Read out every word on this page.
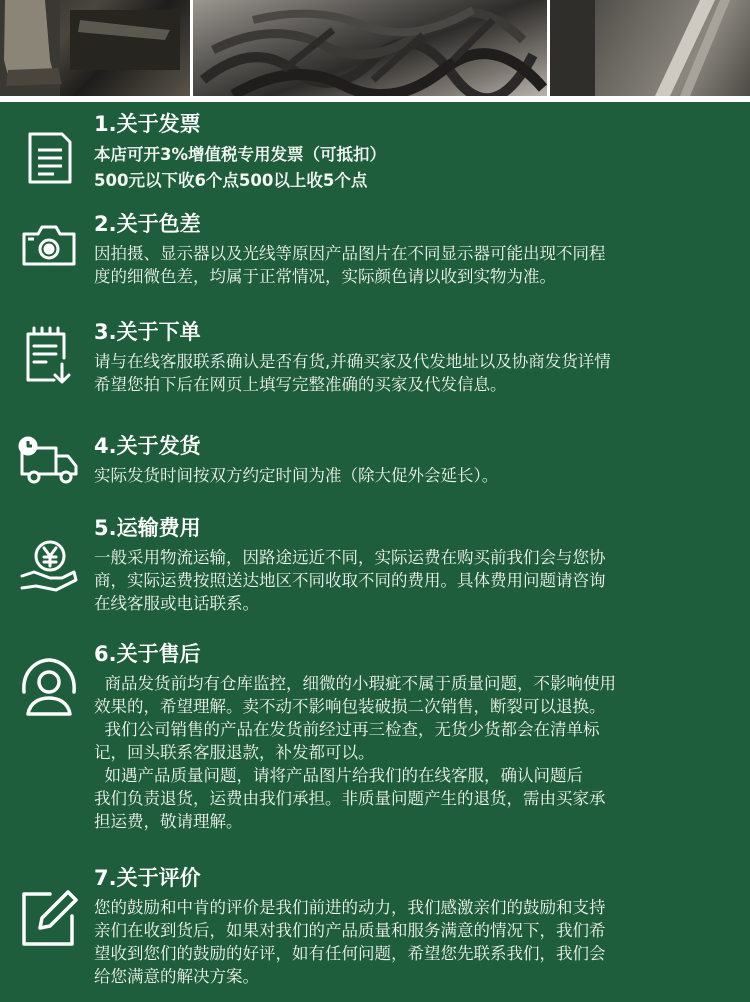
1.关于发票

本店可开3%增值税专用发票（可抵扣）

500元以下收6个点500以上收5个点

2.关于色差

因拍摄、显示器以及光线等原因产品图片在不同显示器可能出现不同程

度的细微色差，均属于正常情况，实际颜色请以收到实物为准。

3.关于下单

请与在线客服联系确认是否有货,并确买家及代发地址以及协商发货详情

希望您拍下后在网页上填写完整准确的买家及代发信息。

4.关于发货

实际发货时间按双方约定时间为准（除大促外会延长）。

5.运输费用

一般采用物流运输，因路途远近不同，实际运费在购买前我们会与您协

商，实际运费按照送达地区不同收取不同的费用。具体费用问题请咨询

在线客服或电话联系。

6.关于售后

商品发货前均有仓库监控，细微的小瑕疵不属于质量问题，不影响使用

效果的，希望理解。卖不动不影响包装破损二次销售，断裂可以退换。

我们公司销售的产品在发货前经过再三检查，无货少货都会在清单标

记，回头联系客服退款，补发都可以。

如遇产品质量问题，请将产品图片给我们的在线客服，确认问题后

我们负责退货，运费由我们承担。非质量问题产生的退货，需由买家承

担运费，敬请理解。

7.关于评价

您的鼓励和中肯的评价是我们前进的动力，我们感激亲们的鼓励和支持

亲们在收到货后，如果对我们的产品质量和服务满意的情况下，我们希

望收到您们的鼓励的好评，如有任何问题，希望您先联系我们，我们会

给您满意的解决方案。
